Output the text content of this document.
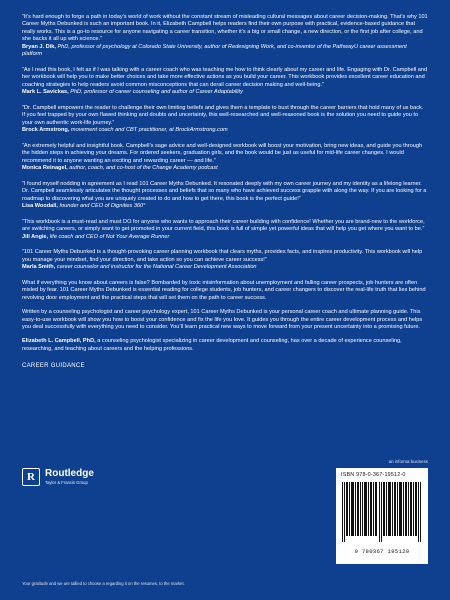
“It’s hard enough to forge a path in today’s world of work without the constant stream of misleading cultural messages about career decision-making. That’s why 101 Career Myths Debunked is such an important book. In it, Elizabeth Campbell helps readers find their own purpose with practical, evidence-based guidance that really works. This is a go-to resource for anyone navigating a career transition, whether it’s a big or small change, a new direction, or the first job after college, and she backs it all up with science.”

Bryan J. Dik, PhD, professor of psychology at Colorado State University, author of Redesigning Work, and co-inventor of the PathwayU career assessment platform

“As I read this book, I felt as if I was talking with a career coach who was teaching me how to think clearly about my career and life. Engaging with Dr. Campbell and her workbook will help you to make better choices and take more effective actions as you build your career. This workbook provides excellent career education and coaching strategies to help readers avoid common misconceptions that can derail career decision making and well-being.”

Mark L. Savickas, PhD, professor of career counseling and author of Career Adaptability

“Dr. Campbell empowers the reader to challenge their own limiting beliefs and gives them a template to bust through the career barriers that hold many of us back. If you feel trapped by your own flawed thinking and doubts and uncertainty, this well-researched and well-reasoned book is the solution you need to guide you to your own authentic work-life journey.”

Brock Armstrong, movement coach and CBT practitioner, at BrockArmstrong.com

“An extremely helpful and insightful book. Campbell’s sage advice and well-designed workbook will boost your motivation, bring new ideas, and guide you through the hidden steps in achieving your dreams. For ordered seekers, graduation girls, and the book would be just as useful for mid-life career changes. I would recommend it to anyone wanting an exciting and rewarding career — and life.”

Monica Reinagel, author, coach, and co-host of the Change Academy podcast

“I found myself nodding in agreement as I read 101 Career Myths Debunked. It resonated deeply with my own career journey and my identity as a lifelong learner. Dr. Campbell seamlessly articulates the thought processes and beliefs that so many who have achieved success grapple with along the way. If you are looking for a roadmap to discovering what you are uniquely created to do and how to get there, this book is the perfect guide!”

Lisa Woodall, founder and CEO of Dignities 360°

“This workbook is a must-read and must DO for anyone who wants to approach their career building with confidence! Whether you are brand-new to the workforce, are switching careers, or simply want to get promoted in your current field, this book is full of simple yet powerful ideas that will help you get where you want to be.”

Jill Angie, life coach and CEO of Not Your Average Runner

“101 Career Myths Debunked is a thought-provoking career planning workbook that clears myths, provides facts, and inspires productivity. This workbook will help you manage your mindset, find your direction, and take action so you can achieve career success!”

Marla Smith, career counselor and instructor for the National Career Development Association

What if everything you know about careers is false? Bombarded by toxic misinformation about unemployment and falling career prospects, job hunters are often misled by fear. 101 Career Myths Debunked is essential reading for college students, job hunters, and career changers to discover the real-life truth that lies behind revolving door employment and the practical steps that will set them on the path to career success.

Written by a counseling psychologist and career psychology expert, 101 Career Myths Debunked is your personal career coach and ultimate planning guide. This easy-to-use workbook will show you how to boost your confidence and fix the life you love. It guides you through the entire career development process and helps you deal successfully with everything you need to consider. You’ll learn practical new ways to move forward from your present uncertainty into a promising future.

Elizabeth L. Campbell, PhD, a counseling psychologist specializing in career development and counseling, has over a decade of experience counseling, researching, and teaching about careers and the helping professions.

CAREER GUIDANCE

R	Routledge
Taylor & Francis Group
an informa business
ISBN 978-0-367-19512-0
9 780367 195120
Your gratitude and we are tallied to choose a regarding it on the resumes, to the market.
